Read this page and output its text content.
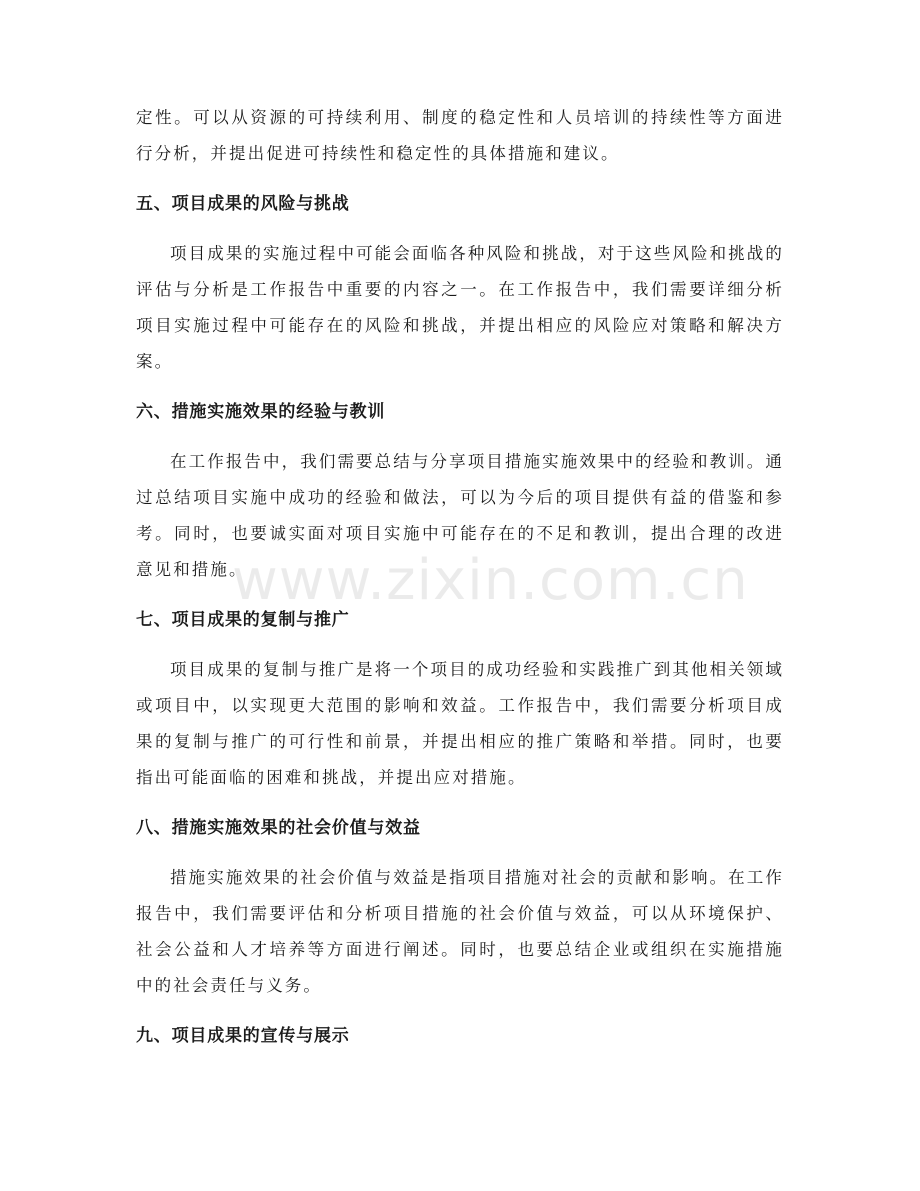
定性。可以从资源的可持续利用、制度的稳定性和人员培训的持续性等方面进行分析，并提出促进可持续性和稳定性的具体措施和建议。

五、项目成果的风险与挑战

项目成果的实施过程中可能会面临各种风险和挑战，对于这些风险和挑战的评估与分析是工作报告中重要的内容之一。在工作报告中，我们需要详细分析项目实施过程中可能存在的风险和挑战，并提出相应的风险应对策略和解决方案。

六、措施实施效果的经验与教训

在工作报告中，我们需要总结与分享项目措施实施效果中的经验和教训。通过总结项目实施中成功的经验和做法，可以为今后的项目提供有益的借鉴和参考。同时，也要诚实面对项目实施中可能存在的不足和教训，提出合理的改进意见和措施。

七、项目成果的复制与推广

项目成果的复制与推广是将一个项目的成功经验和实践推广到其他相关领域或项目中，以实现更大范围的影响和效益。工作报告中，我们需要分析项目成果的复制与推广的可行性和前景，并提出相应的推广策略和举措。同时，也要指出可能面临的困难和挑战，并提出应对措施。

八、措施实施效果的社会价值与效益

措施实施效果的社会价值与效益是指项目措施对社会的贡献和影响。在工作报告中，我们需要评估和分析项目措施的社会价值与效益，可以从环境保护、社会公益和人才培养等方面进行阐述。同时，也要总结企业或组织在实施措施中的社会责任与义务。

九、项目成果的宣传与展示
www.zixin.com.cn
